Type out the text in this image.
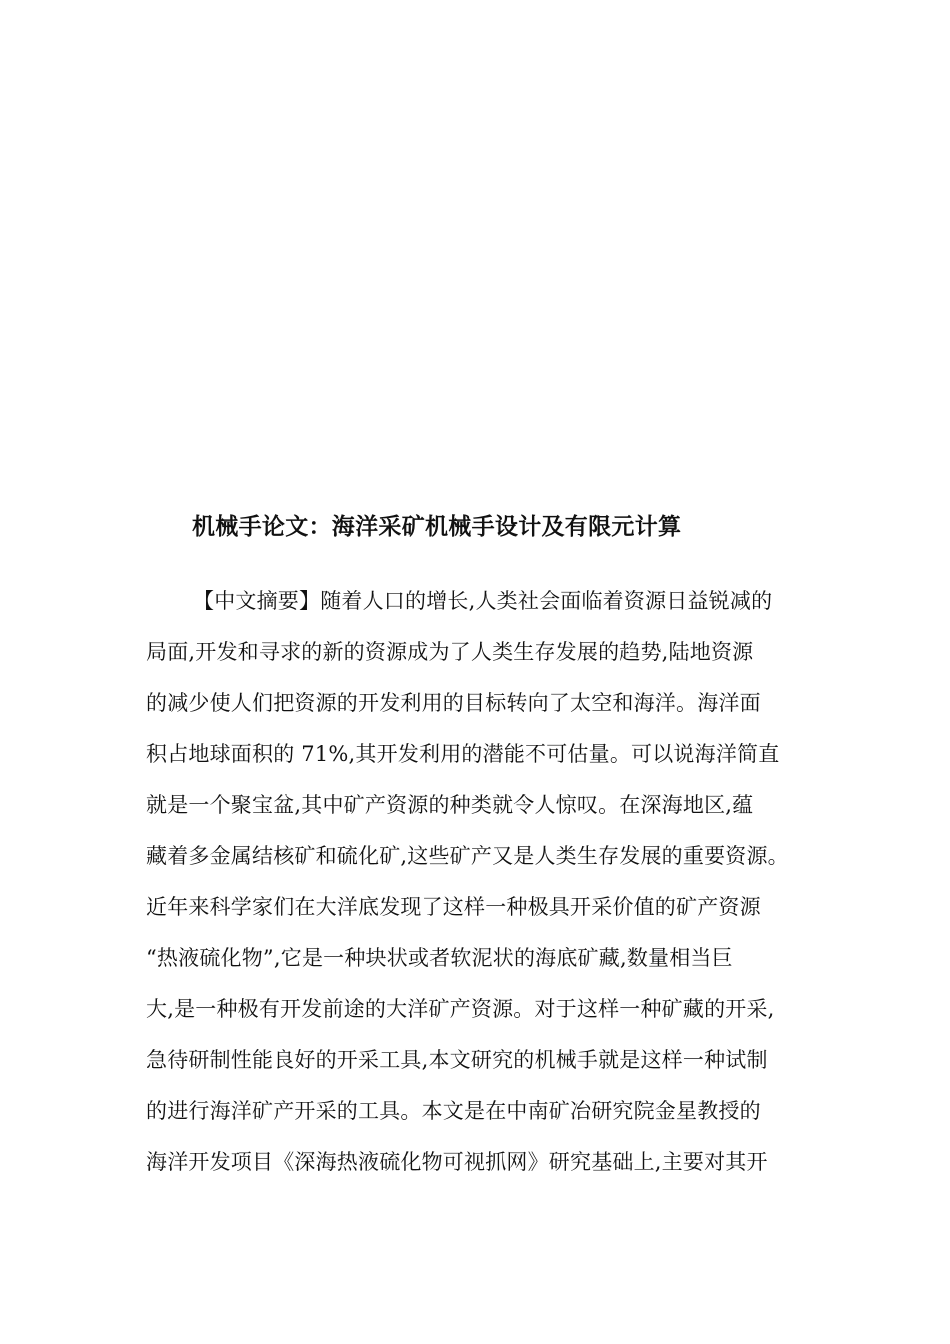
机械手论文：海洋采矿机械手设计及有限元计算
【中文摘要】随着人口的增长,人类社会面临着资源日益锐减的
局面,开发和寻求的新的资源成为了人类生存发展的趋势,陆地资源
的减少使人们把资源的开发利用的目标转向了太空和海洋。海洋面
积占地球面积的 71%,其开发利用的潜能不可估量。可以说海洋简直
就是一个聚宝盆,其中矿产资源的种类就令人惊叹。在深海地区,蕴
藏着多金属结核矿和硫化矿,这些矿产又是人类生存发展的重要资源。
近年来科学家们在大洋底发现了这样一种极具开采价值的矿产资源
“热液硫化物”,它是一种块状或者软泥状的海底矿藏,数量相当巨
大,是一种极有开发前途的大洋矿产资源。对于这样一种矿藏的开采,
急待研制性能良好的开采工具,本文研究的机械手就是这样一种试制
的进行海洋矿产开采的工具。本文是在中南矿冶研究院金星教授的
海洋开发项目《深海热液硫化物可视抓网》研究基础上,主要对其开
